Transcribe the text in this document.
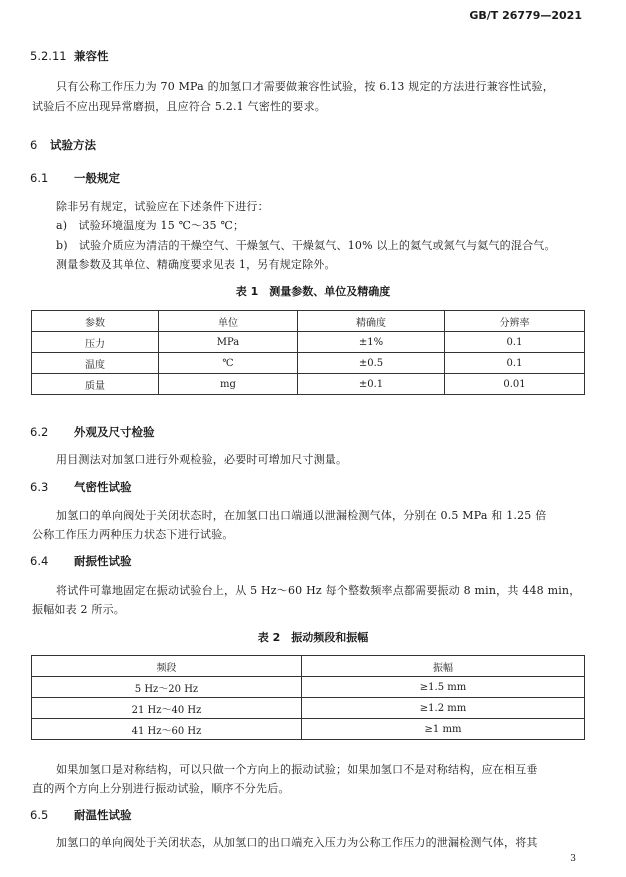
GB/T 26779—2021
5.2.11 兼容性
只有公称工作压力为 70 MPa 的加氢口才需要做兼容性试验，按 6.13 规定的方法进行兼容性试验，
试验后不应出现异常磨损，且应符合 5.2.1 气密性的要求。
6 试验方法
6.1 一般规定
除非另有规定，试验应在下述条件下进行：
a)　试验环境温度为 15 ℃～35 ℃；
b)　试验介质应为清洁的干燥空气、干燥氢气、干燥氦气、10% 以上的氦气或氮气与氦气的混合气。
测量参数及其单位、精确度要求见表 1，另有规定除外。
表 1　测量参数、单位及精确度
参数	单位	精确度	分辨率
压力	MPa	±1%	0.1
温度	℃	±0.5	0.1
质量	mg	±0.1	0.01
6.2 外观及尺寸检验
用目测法对加氢口进行外观检验，必要时可增加尺寸测量。
6.3 气密性试验
加氢口的单向阀处于关闭状态时，在加氢口出口端通以泄漏检测气体，分别在 0.5 MPa 和 1.25 倍
公称工作压力两种压力状态下进行试验。
6.4 耐振性试验
将试件可靠地固定在振动试验台上，从 5 Hz～60 Hz 每个整数频率点都需要振动 8 min，共 448 min，
振幅如表 2 所示。
表 2　振动频段和振幅
频段	振幅
5 Hz～20 Hz	≥1.5 mm
21 Hz～40 Hz	≥1.2 mm
41 Hz～60 Hz	≥1 mm
如果加氢口是对称结构，可以只做一个方向上的振动试验；如果加氢口不是对称结构，应在相互垂
直的两个方向上分别进行振动试验，顺序不分先后。
6.5 耐温性试验
加氢口的单向阀处于关闭状态，从加氢口的出口端充入压力为公称工作压力的泄漏检测气体，将其
3
